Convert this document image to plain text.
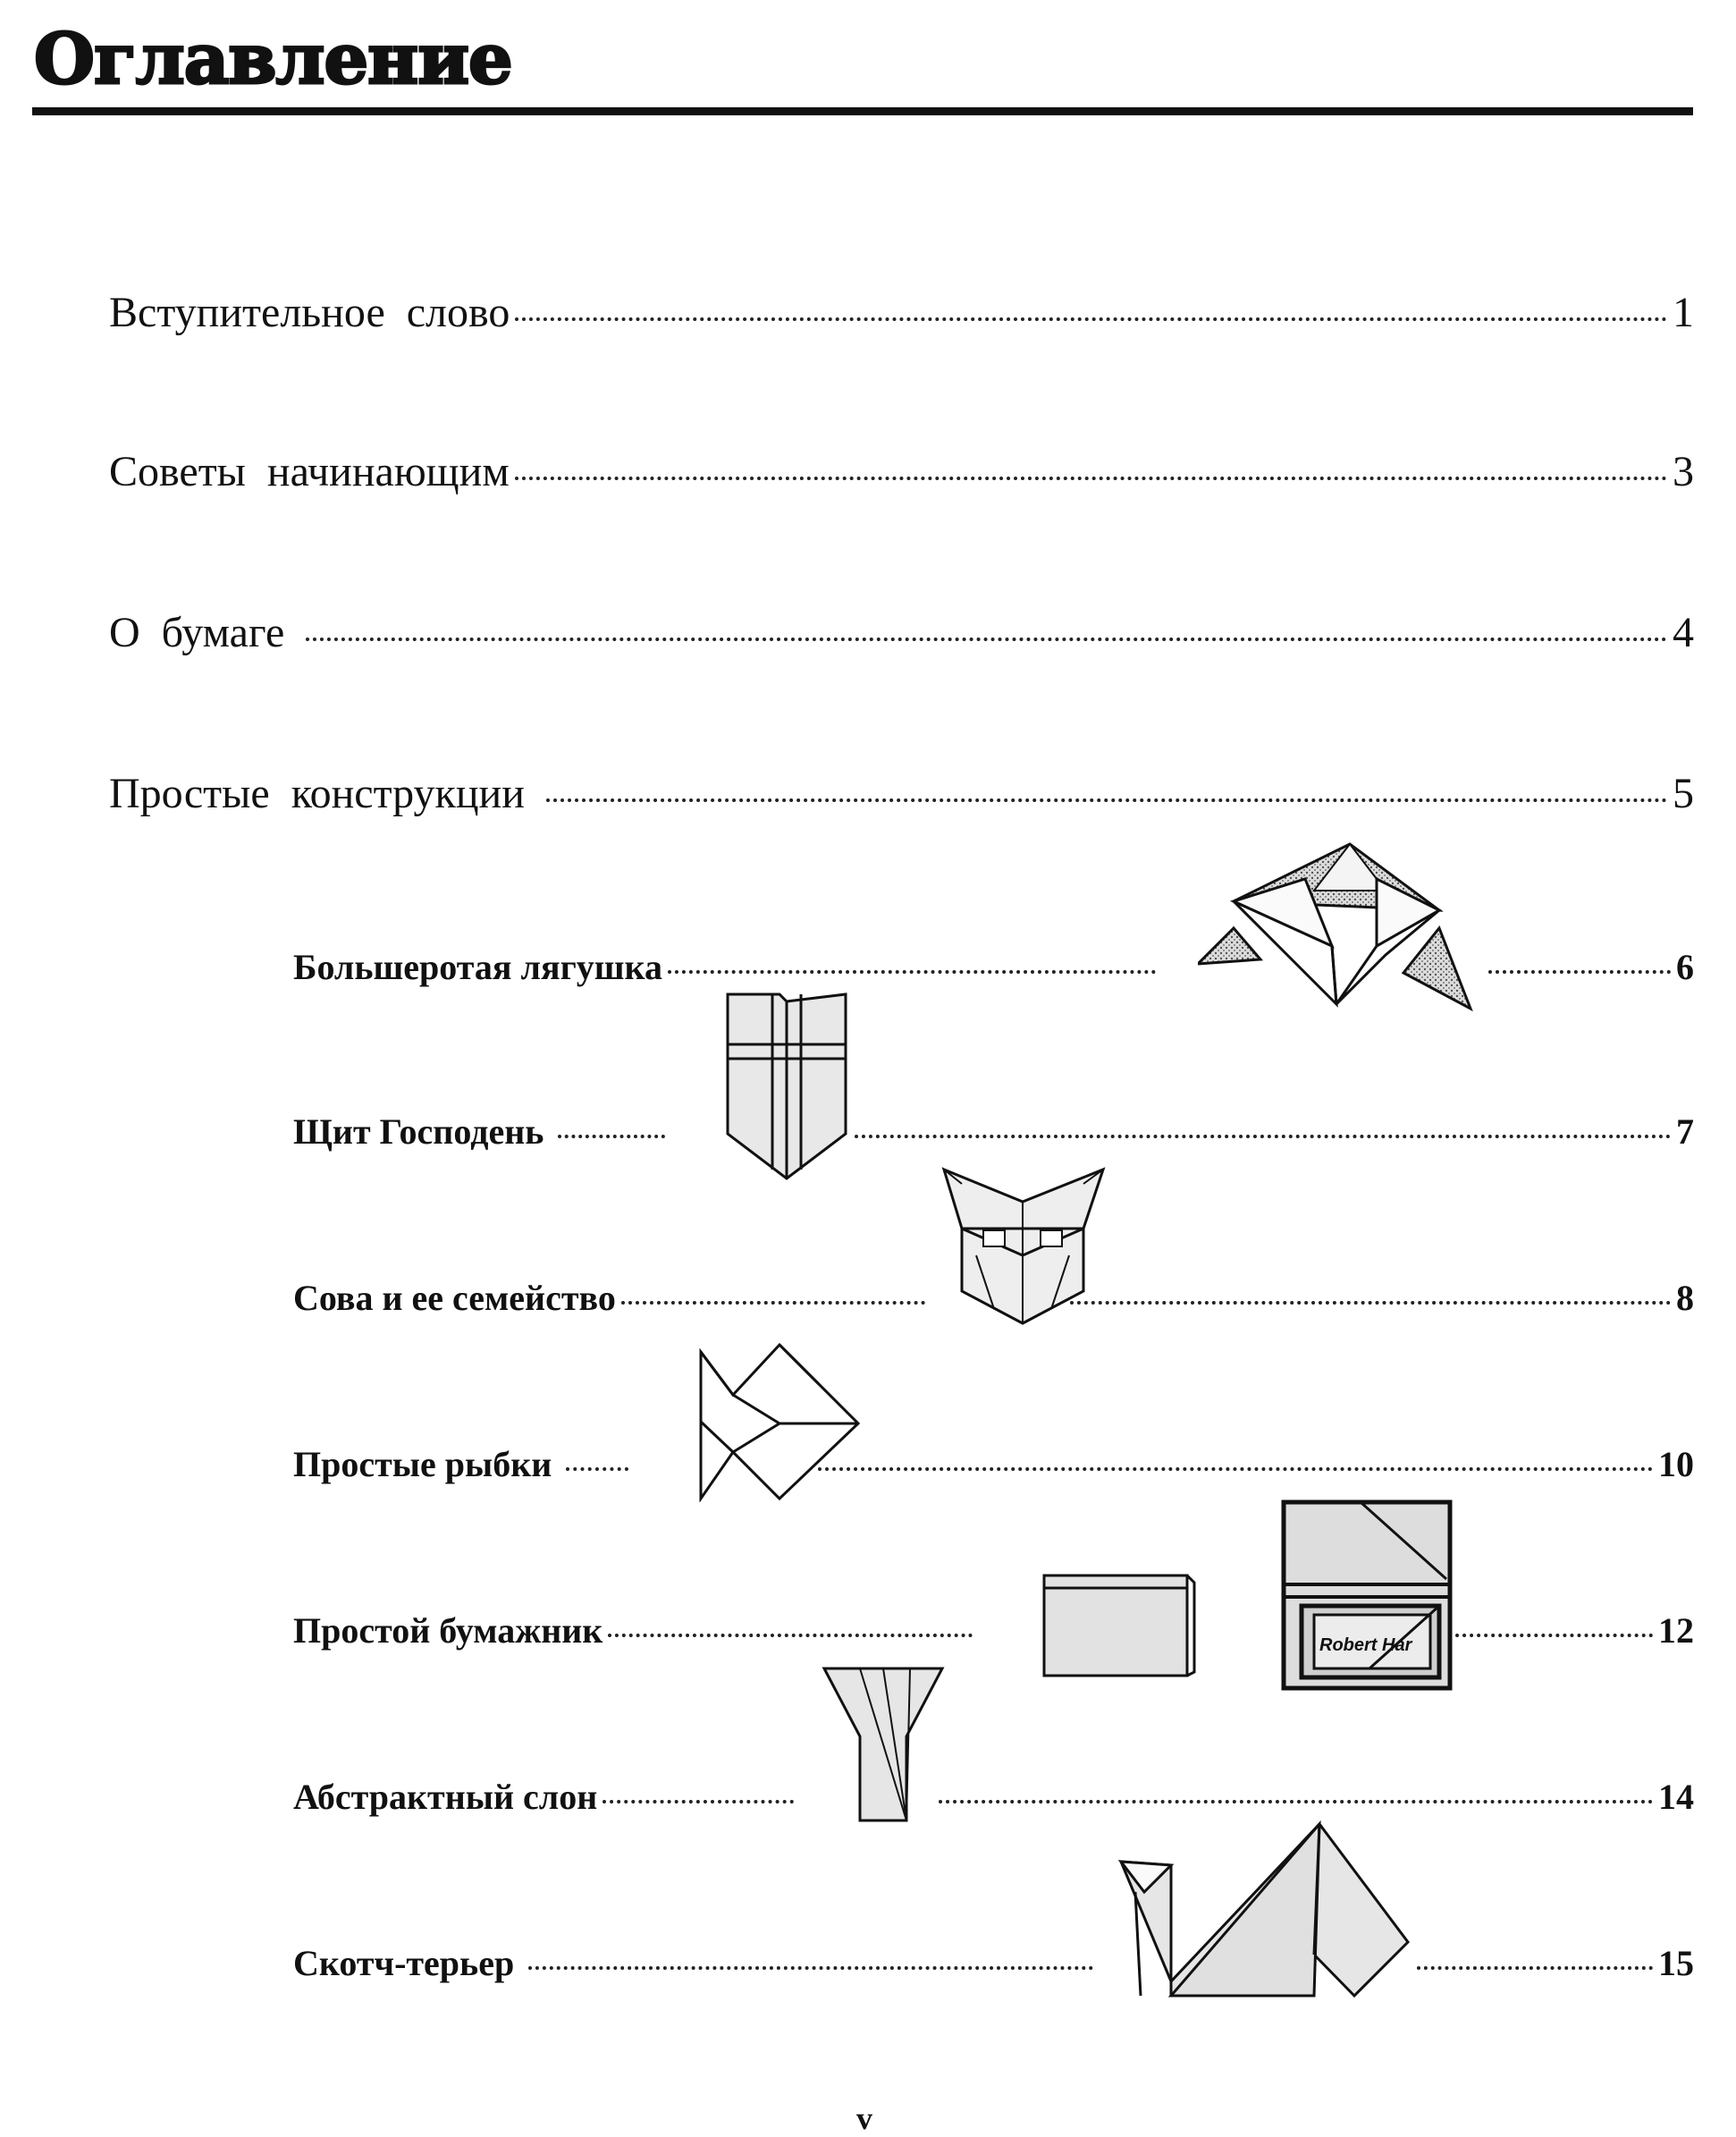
Оглавление
Вступительное  слово	1
Советы  начинающим	3
О  бумаге	4
Простые  конструкции	5
Большеротая лягушка	6
Щит Господень	7
Сова и ее семейство	8
Простые рыбки	10
Простой бумажник	12
Абстрактный слон	14
Скотч-терьер	15
Robert Har
v
